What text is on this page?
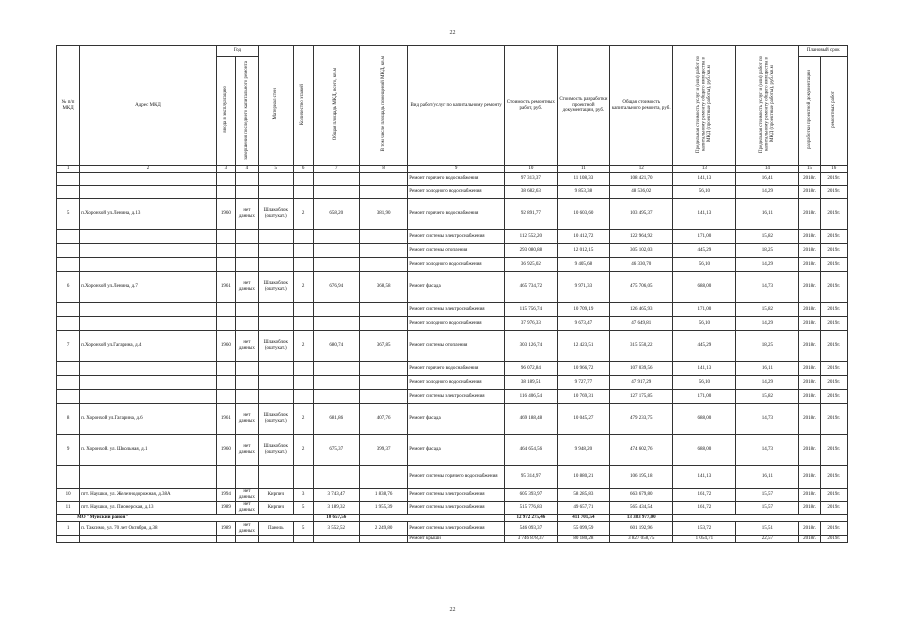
22
№ п/п МКД	Адрес МКД	Год		Материал стен	Количество этажей	Общая площадь МКД, всего, кв.м	В том числе площадь помещений МКД, кв.м	Вид работ/услуг по капитальному ремонту	Стоимость ремонтных работ, руб.	Стоимость разработки проектной документации, руб.	Общая стоимость капитального ремонта, руб.	Предельная стоимость услуг и (или) работ по капитальному ремонту общего имущества в МКД (проектные работы), руб./кв.м	Предельная стоимость услуг и (или) работ по капитальному ремонту общего имущества в МКД (проектные работы), руб./кв.м	Плановый срок	
		ввода в эксплуатацию	завершения последнего капитального ремонта											разработки проектной документации	ремонтных работ
1	2	3	4	5	6	7	8	9	10	11	12	13	14	15	16
								Ремонт горячего водоснабжения	97 313,37	11 108,33	108 421,70	141,13	16,41	2018г.	2019г.
								Ремонт холодного водоснабжения	38 682,63	9 853,38	48 536,02	56,10	14,29	2018г.	2019г.
5	п.Хоронхой ул.Ленина, д.13	1960	нет данных	Шлакоблок (оштукат.)	2	658,20	381,90	Ремонт горячего водоснабжения	92 891,77	10 603,60	103 495,37	141,13	16,11	2018г.	2019г.
								Ремонт системы электроснабжения	112 552,20	10 412,72	122 964,92	171,00	15,82	2018г.	2019г.
								Ремонт системы отопления	293 080,88	12 012,15	305 102,03	445,29	18,25	2018г.	2019г.
								Ремонт холодного водоснабжения	36 925,02	9 405,68	46 330,70	56,10	14,29	2018г.	2019г.
6	п.Хоронхой ул.Ленина, д.7	1961	нет данных	Шлакоблок (оштукат.)	2	676,94	368,58	Ремонт фасада	465 734,72	9 971,33	475 706,05	688,00	14,73	2018г.	2019г.
								Ремонт системы электроснабжения	115 756,74	10 709,19	126 465,93	171,00	15,82	2018г.	2019г.
								Ремонт холодного водоснабжения	37 976,33	9 673,47	47 649,81	56,10	14,29	2018г.	2019г.
7	п.Хоронхой ул.Гагарина, д.4	1960	нет данных	Шлакоблок (оштукат.)	2	680,74	367,85	Ремонт системы отопления	303 126,74	12 423,51	315 550,22	445,29	18,25	2018г.	2019г.
								Ремонт горячего водоснабжения	96 072,84	10 966,72	107 039,56	141,13	16,11	2018г.	2019г.
								Ремонт холодного водоснабжения	38 189,51	9 727,77	47 917,29	56,10	14,29	2018г.	2019г.
								Ремонт системы электроснабжения	116 406,54	10 769,31	127 175,85	171,00	15,82	2018г.	2019г.
8	п. Хоронхой ул.Гагарина, д.6	1961	нет данных	Шлакоблок (оштукат.)	2	681,86	407,76	Ремонт фасада	469 188,48	10 045,27	479 233,75	688,00	14,73	2018г.	2019г.
9	п. Хоронхой. ул. Школьная, д.1	1960	нет данных	Шлакоблок (оштукат.)	2	675,37	399,37	Ремонт фасада	464 654,56	9 948,20	474 602,76	688,00	14,73	2018г.	2019г.
								Ремонт системы горячего водоснабжения	95 314,97	10 880,21	106 195,18	141,13	16,11	2018г.	2019г.
10	пгт. Наушки, ул. Железнодорожная, д.38А	1994	нет данных	Кирпич	3	3 743,47	1 838,76	Ремонт системы электроснабжения	605 393,97	58 285,83	663 679,80	161,72	15,57	2018г.	2019г.
11	пгт. Наушки, ул. Пионерская, д.13	1989	нет данных	Кирпич	5	3 189,32	1 955,39	Ремонт системы электроснабжения	515 776,83	49 657,71	565 434,54	161,72	15,57	2018г.	2019г.
МО "Муйский район"						10 657,56			12 972 275,46	411 701,54	13 383 977,00				
1	п. Таксимо, ул. 70 лет Октября, д.38	1989	нет данных	Панель	5	3 552,52	2 249,80	Ремонт системы электроснабжения	546 093,37	55 099,59	601 192,96	153,72	15,51	2018г.	2019г.
								Ремонт крыши	3 746 878,37	80 180,28	3 827 058,75	1 054,71	22,57	2018г.	2019г.
22
